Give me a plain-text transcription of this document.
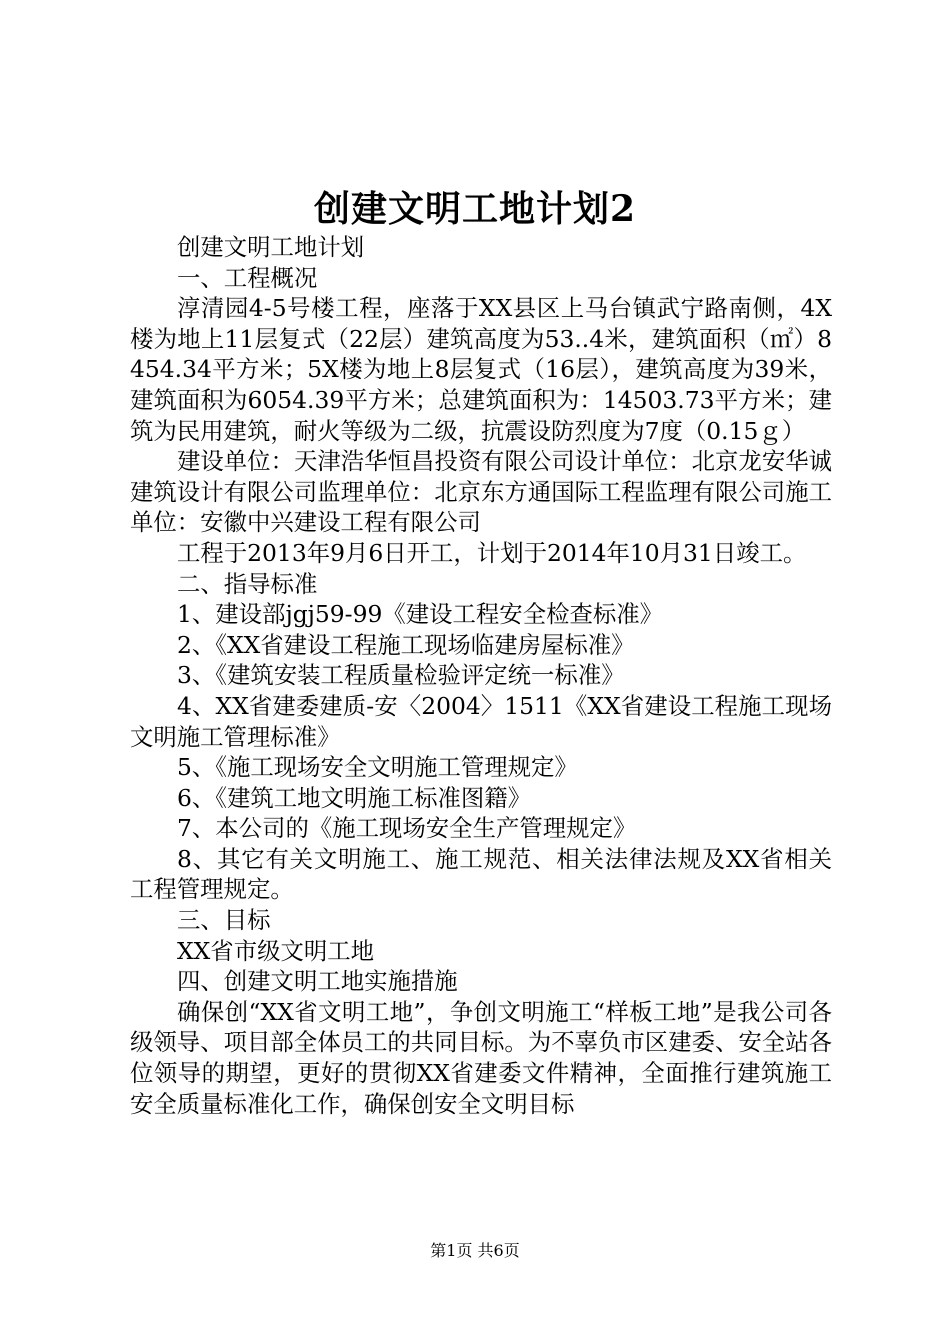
创建文明工地计划2

创建文明工地计划

一、工程概况

淳清园4-5号楼工程，座落于XX县区上马台镇武宁路南侧，4X楼为地上11层复式（22层）建筑高度为53..4米，建筑面积（㎡）8454.34平方米；5X楼为地上8层复式（16层），建筑高度为39米，建筑面积为6054.39平方米；总建筑面积为：14503.73平方米；建筑为民用建筑，耐火等级为二级，抗震设防烈度为7度（0.15ｇ）

建设单位：天津浩华恒昌投资有限公司设计单位：北京龙安华诚建筑设计有限公司监理单位：北京东方通国际工程监理有限公司施工单位：安徽中兴建设工程有限公司

工程于2013年9月6日开工，计划于2014年10月31日竣工。

二、指导标准

1、建设部jgj59-99《建设工程安全检查标准》

2、《XX省建设工程施工现场临建房屋标准》

3、《建筑安装工程质量检验评定统一标准》

4、XX省建委建质-安〈2004〉1511《XX省建设工程施工现场文明施工管理标准》

5、《施工现场安全文明施工管理规定》

6、《建筑工地文明施工标准图籍》

7、本公司的《施工现场安全生产管理规定》

8、其它有关文明施工、施工规范、相关法律法规及XX省相关工程管理规定。

三、目标

XX省市级文明工地

四、创建文明工地实施措施

确保创“XX省文明工地”，争创文明施工“样板工地”是我公司各级领导、项目部全体员工的共同目标。为不辜负市区建委、安全站各位领导的期望，更好的贯彻XX省建委文件精神，全面推行建筑施工安全质量标准化工作，确保创安全文明目标

第1页 共6页
